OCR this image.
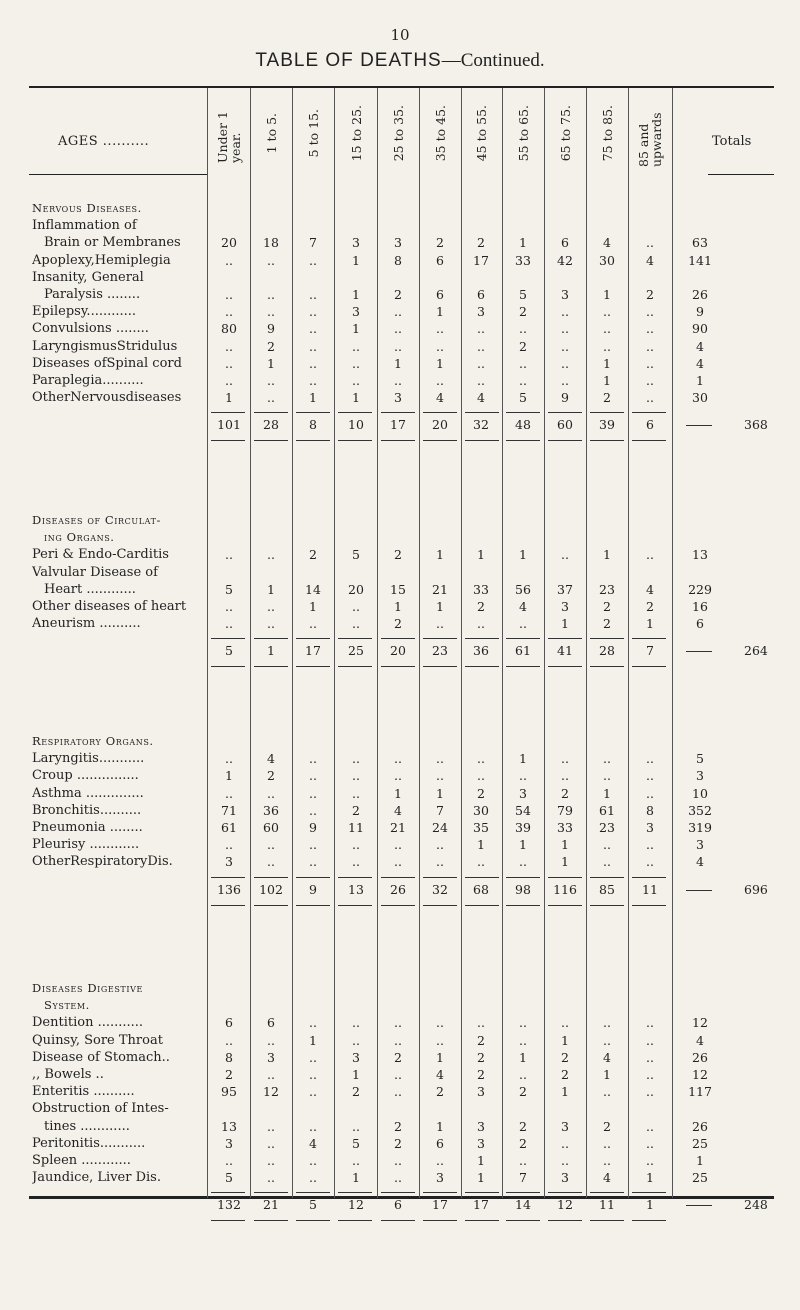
10
TABLE OF DEATHS—Continued.
AGES ..........	Under 1 year. 1 to 5. 5 to 15. 15 to 25. 25 to 35. 35 to 45. 45 to 55. 55 to 65. 65 to 75. 75 to 85. 85 and upwards	Totals
Nervous Diseases.
Inflammation of
Brain or Membranes	20	18	7	3	3	2	2	1	6	4	..	63
Apoplexy,Hemiplegia	..	..	..	1	8	6	17	33	42	30	4	141
Insanity, General
Paralysis ........	..	..	..	1	2	6	6	5	3	1	2	26
Epilepsy............	..	..	..	3	..	1	3	2	..	..	..	9
Convulsions ........	80	9	..	1	..	..	..	..	..	..	..	90
LaryngismusStridulus	..	2	..	..	..	..	..	2	..	..	..	4
Diseases ofSpinal cord	..	1	..	..	1	1	..	..	..	1	..	4
Paraplegia..........	..	..	..	..	..	..	..	..	..	1	..	1
OtherNervousdiseases	1	..	1	1	3	4	4	5	9	2	..	30
101	28	8	10	17	20	32	48	60	39	6	368
Diseases of Circulat-
ing Organs.
Peri & Endo-Carditis	..	..	2	5	2	1	1	1	..	1	..	13
Valvular Disease of
Heart ............	5	1	14	20	15	21	33	56	37	23	4	229
Other diseases of heart	..	..	1	..	1	1	2	4	3	2	2	16
Aneurism ..........	..	..	..	..	2	..	..	..	1	2	1	6
5	1	17	25	20	23	36	61	41	28	7	264
Respiratory Organs.
Laryngitis...........	..	4	..	..	..	..	..	1	..	..	..	5
Croup ...............	1	2	..	..	..	..	..	..	..	..	..	3
Asthma ..............	..	..	..	..	1	1	2	3	2	1	..	10
Bronchitis..........	71	36	..	2	4	7	30	54	79	61	8	352
Pneumonia ........	61	60	9	11	21	24	35	39	33	23	3	319
Pleurisy ............	..	..	..	..	..	..	1	1	1	..	..	3
OtherRespiratoryDis.	3	..	..	..	..	..	..	..	1	..	..	4
136	102	9	13	26	32	68	98	116	85	11	696
Diseases Digestive
System.
Dentition ...........	6	6	..	..	..	..	..	..	..	..	..	12
Quinsy, Sore Throat	..	..	1	..	..	..	2	..	1	..	..	4
Disease of Stomach..	8	3	..	3	2	1	2	1	2	4	..	26
,, Bowels ..	2	..	..	1	..	4	2	..	2	1	..	12
Enteritis ..........	95	12	..	2	..	2	3	2	1	..	..	117
Obstruction of Intes-
tines ............	13	..	..	..	2	1	3	2	3	2	..	26
Peritonitis...........	3	..	4	5	2	6	3	2	..	..	..	25
Spleen ............	..	..	..	..	..	..	1	..	..	..	..	1
Jaundice, Liver Dis.	5	..	..	1	..	3	1	7	3	4	1	25
132	21	5	12	6	17	17	14	12	11	1	248
